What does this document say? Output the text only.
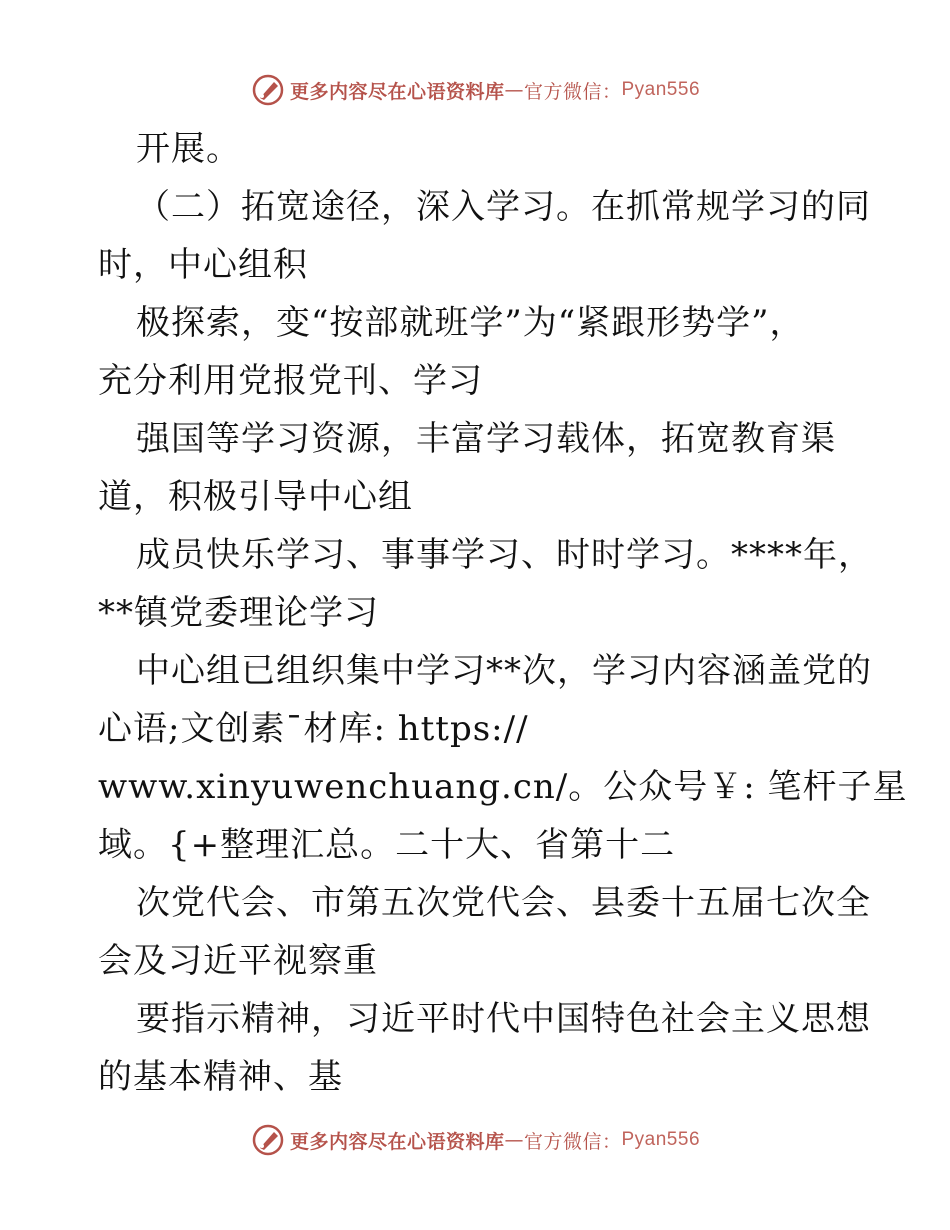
更多内容尽在心语资料库 — 官方微信： Pyan556
开展。
（二）拓宽途径，深入学习。在抓常规学习的同
时，中心组积
极探索，变“按部就班学”为“紧跟形势学”，
充分利用党报党刊、学习
强国等学习资源，丰富学习载体，拓宽教育渠
道，积极引导中心组
成员快乐学习、事事学习、时时学习。****年，
**镇党委理论学习
中心组已组织集中学习**次，学习内容涵盖党的
心语;文创素¯材库: https://
www.xinyuwenchuang.cn/。公众号￥: 笔杆子星
域。{+整理汇总。二十大、省第十二
次党代会、市第五次党代会、县委十五届七次全
会及习近平视察重
要指示精神，习近平时代中国特色社会主义思想
的基本精神、基
更多内容尽在心语资料库 — 官方微信： Pyan556
